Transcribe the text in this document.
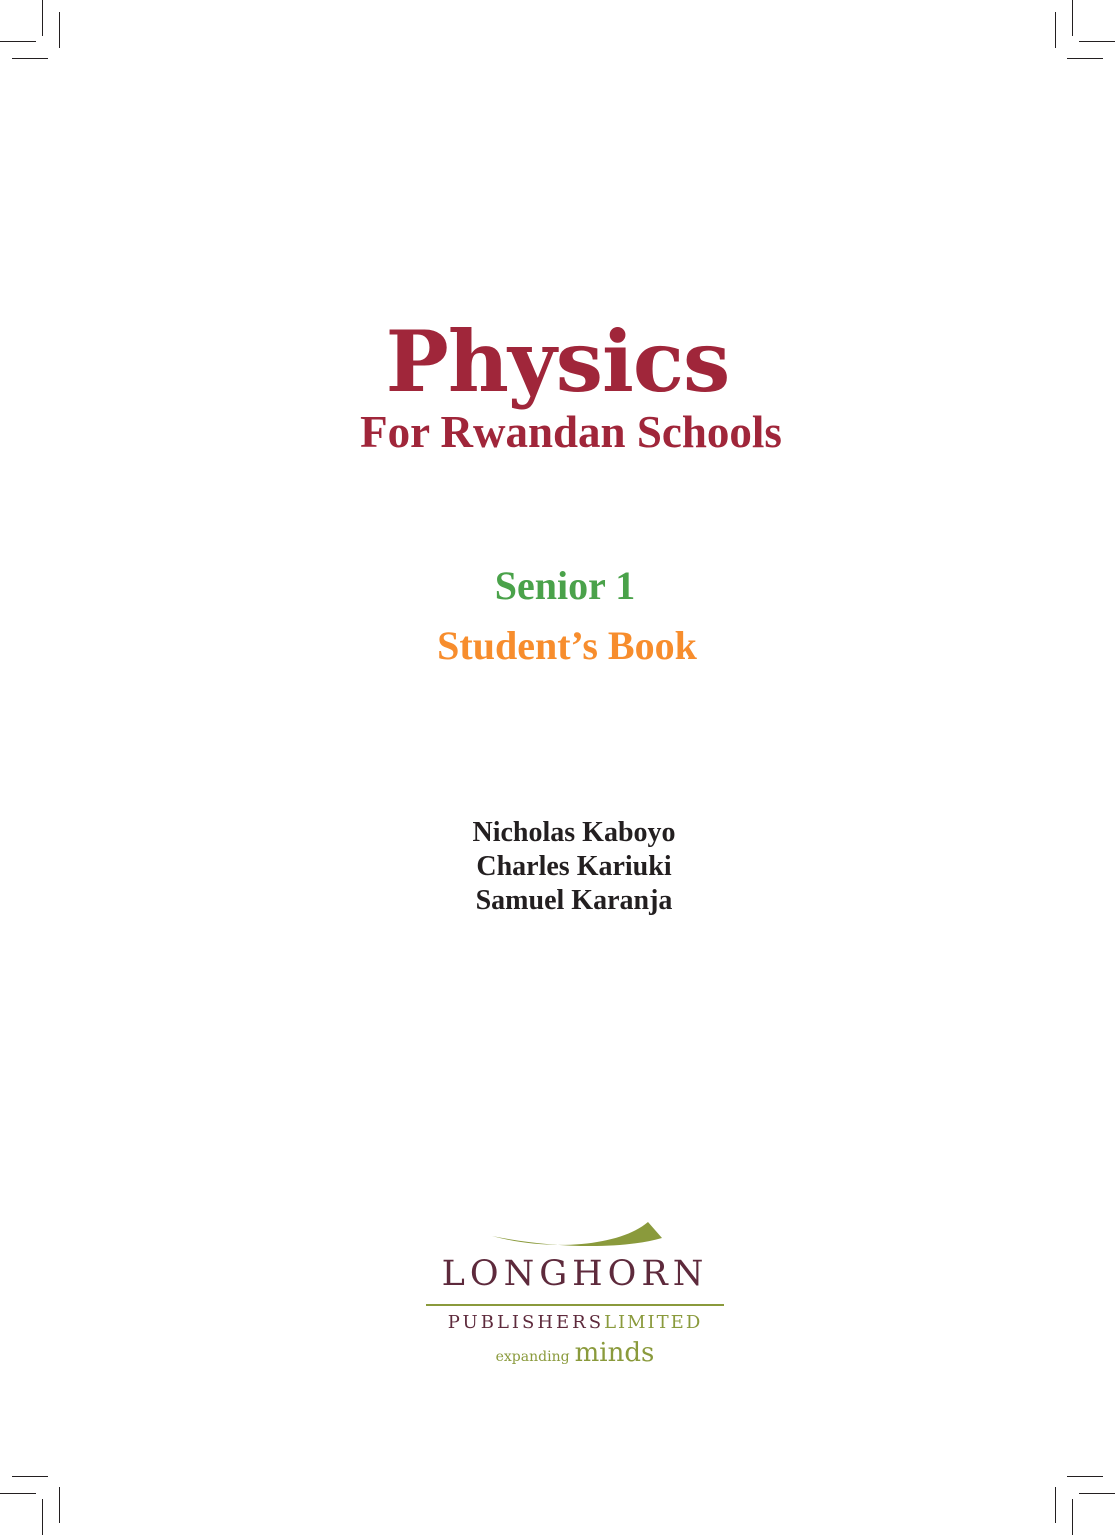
Physics
For Rwandan Schools
Senior 1
Student’s Book
Nicholas Kaboyo
Charles Kariuki
Samuel Karanja
LONGHORN
PUBLISHERSLIMITED
expanding minds
